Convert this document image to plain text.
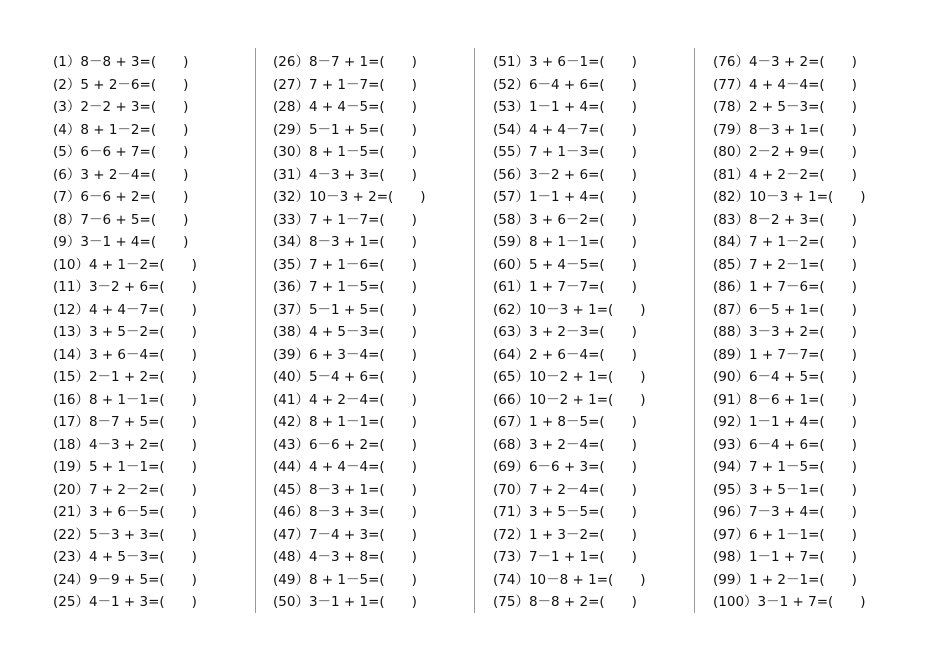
(1）8－8 + 3=(　　)
(2）5 + 2－6=(　　)
(3）2－2 + 3=(　　)
(4）8 + 1－2=(　　)
(5）6－6 + 7=(　　)
(6）3 + 2－4=(　　)
(7）6－6 + 2=(　　)
(8）7－6 + 5=(　　)
(9）3－1 + 4=(　　)
(10）4 + 1－2=(　　)
(11）3－2 + 6=(　　)
(12）4 + 4－7=(　　)
(13）3 + 5－2=(　　)
(14）3 + 6－4=(　　)
(15）2－1 + 2=(　　)
(16）8 + 1－1=(　　)
(17）8－7 + 5=(　　)
(18）4－3 + 2=(　　)
(19）5 + 1－1=(　　)
(20）7 + 2－2=(　　)
(21）3 + 6－5=(　　)
(22）5－3 + 3=(　　)
(23）4 + 5－3=(　　)
(24）9－9 + 5=(　　)
(25）4－1 + 3=(　　)
(26）8－7 + 1=(　　)
(27）7 + 1－7=(　　)
(28）4 + 4－5=(　　)
(29）5－1 + 5=(　　)
(30）8 + 1－5=(　　)
(31）4－3 + 3=(　　)
(32）10－3 + 2=(　　)
(33）7 + 1－7=(　　)
(34）8－3 + 1=(　　)
(35）7 + 1－6=(　　)
(36）7 + 1－5=(　　)
(37）5－1 + 5=(　　)
(38）4 + 5－3=(　　)
(39）6 + 3－4=(　　)
(40）5－4 + 6=(　　)
(41）4 + 2－4=(　　)
(42）8 + 1－1=(　　)
(43）6－6 + 2=(　　)
(44）4 + 4－4=(　　)
(45）8－3 + 1=(　　)
(46）8－3 + 3=(　　)
(47）7－4 + 3=(　　)
(48）4－3 + 8=(　　)
(49）8 + 1－5=(　　)
(50）3－1 + 1=(　　)
(51）3 + 6－1=(　　)
(52）6－4 + 6=(　　)
(53）1－1 + 4=(　　)
(54）4 + 4－7=(　　)
(55）7 + 1－3=(　　)
(56）3－2 + 6=(　　)
(57）1－1 + 4=(　　)
(58）3 + 6－2=(　　)
(59）8 + 1－1=(　　)
(60）5 + 4－5=(　　)
(61）1 + 7－7=(　　)
(62）10－3 + 1=(　　)
(63）3 + 2－3=(　　)
(64）2 + 6－4=(　　)
(65）10－2 + 1=(　　)
(66）10－2 + 1=(　　)
(67）1 + 8－5=(　　)
(68）3 + 2－4=(　　)
(69）6－6 + 3=(　　)
(70）7 + 2－4=(　　)
(71）3 + 5－5=(　　)
(72）1 + 3－2=(　　)
(73）7－1 + 1=(　　)
(74）10－8 + 1=(　　)
(75）8－8 + 2=(　　)
(76）4－3 + 2=(　　)
(77）4 + 4－4=(　　)
(78）2 + 5－3=(　　)
(79）8－3 + 1=(　　)
(80）2－2 + 9=(　　)
(81）4 + 2－2=(　　)
(82）10－3 + 1=(　　)
(83）8－2 + 3=(　　)
(84）7 + 1－2=(　　)
(85）7 + 2－1=(　　)
(86）1 + 7－6=(　　)
(87）6－5 + 1=(　　)
(88）3－3 + 2=(　　)
(89）1 + 7－7=(　　)
(90）6－4 + 5=(　　)
(91）8－6 + 1=(　　)
(92）1－1 + 4=(　　)
(93）6－4 + 6=(　　)
(94）7 + 1－5=(　　)
(95）3 + 5－1=(　　)
(96）7－3 + 4=(　　)
(97）6 + 1－1=(　　)
(98）1－1 + 7=(　　)
(99）1 + 2－1=(　　)
(100）3－1 + 7=(　　)
